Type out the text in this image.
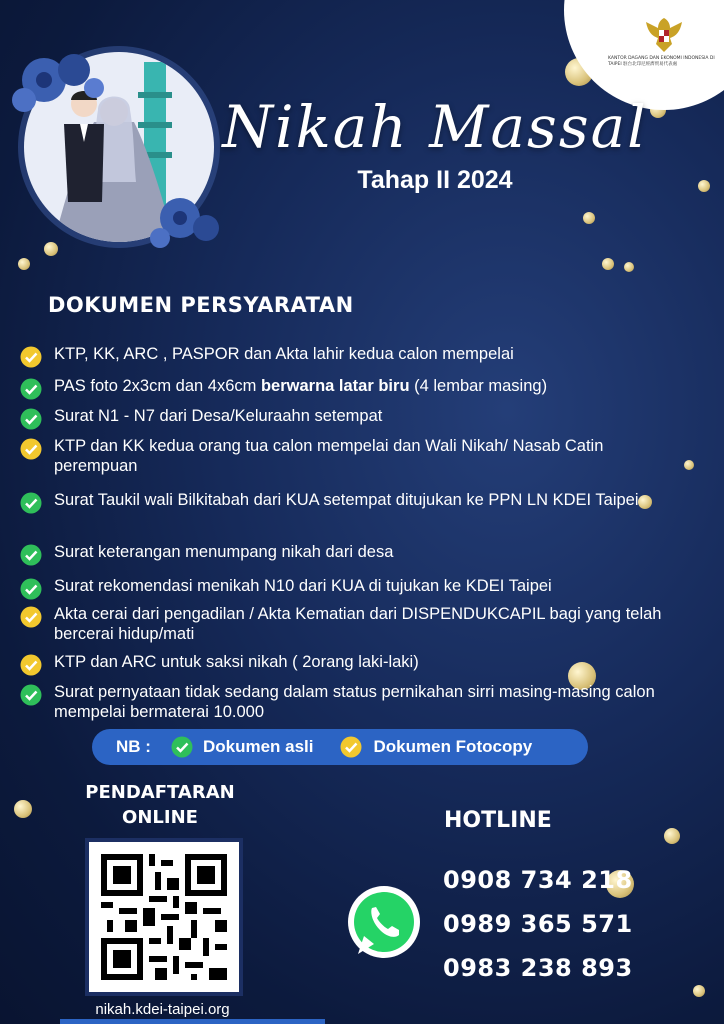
KANTOR DAGANG DAN EKONOMI INDONESIA DI TAIPEI 駐台北印尼經濟貿易代表處
Nikah Massal
Tahap II 2024
DOKUMEN PERSYARATAN
KTP, KK, ARC , PASPOR dan Akta lahir kedua calon mempelai
PAS foto 2x3cm dan 4x6cm berwarna latar biru (4 lembar masing)
Surat N1 - N7 dari Desa/Keluraahn setempat
KTP dan KK kedua orang tua calon mempelai dan Wali Nikah/ Nasab Catin perempuan
Surat Taukil wali Bilkitabah dari KUA setempat ditujukan ke PPN LN KDEI Taipei
Surat keterangan menumpang nikah dari desa
Surat rekomendasi menikah N10 dari KUA di tujukan ke KDEI Taipei
Akta cerai dari pengadilan / Akta Kematian dari DISPENDUKCAPIL bagi yang telah bercerai hidup/mati
KTP dan ARC untuk saksi nikah ( 2orang laki-laki)
Surat pernyataan tidak sedang dalam status pernikahan sirri masing-masing calon mempelai bermaterai 10.000
NB :	Dokumen asli	Dokumen Fotocopy
PENDAFTARAN
ONLINE
nikah.kdei-taipei.org
HOTLINE
0908 734 218
0989 365 571
0983 238 893
